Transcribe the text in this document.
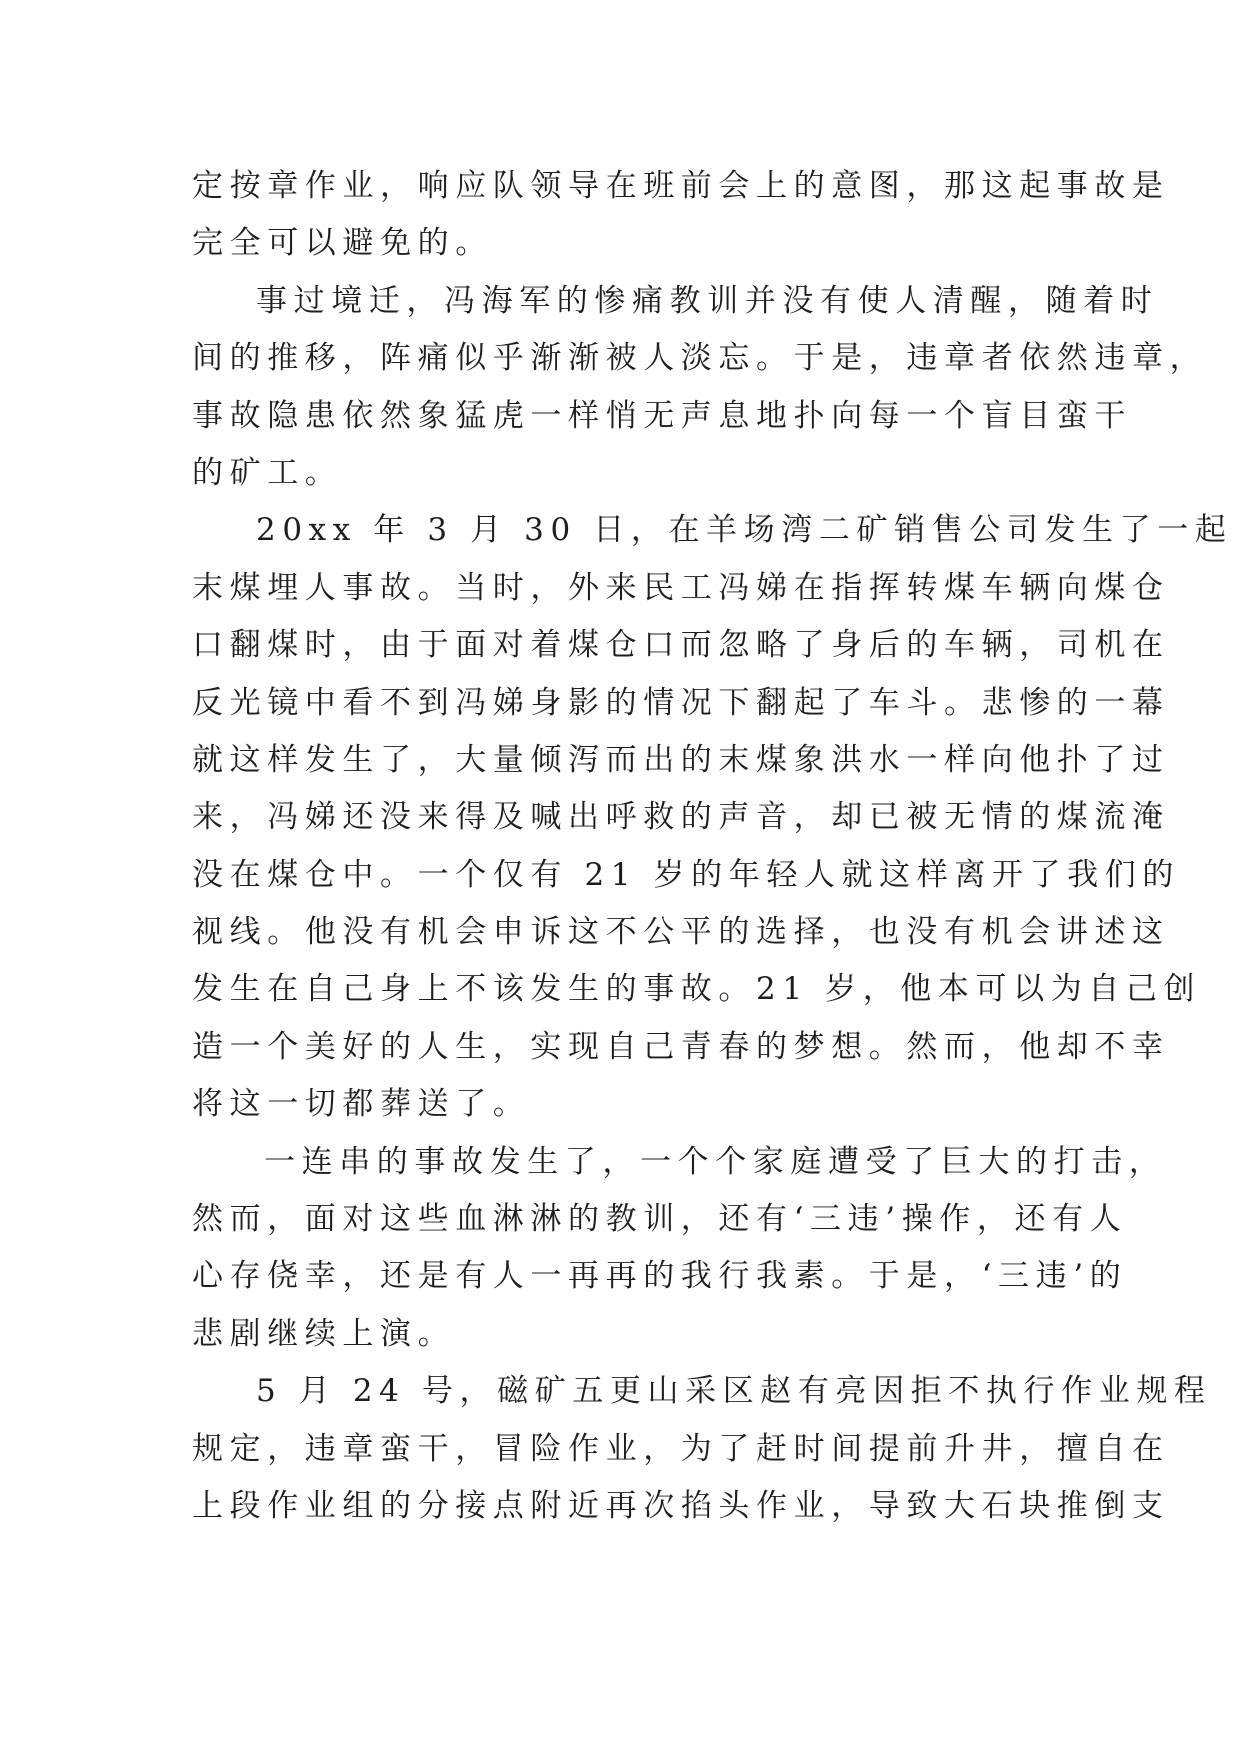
定按章作业，响应队领导在班前会上的意图，那这起事故是
完全可以避免的。

事过境迁，冯海军的惨痛教训并没有使人清醒，随着时
间的推移，阵痛似乎渐渐被人淡忘。于是，违章者依然违章，
事故隐患依然象猛虎一样悄无声息地扑向每一个盲目蛮干
的矿工。

20xx 年 3 月 30 日，在羊场湾二矿销售公司发生了一起
末煤埋人事故。当时，外来民工冯娣在指挥转煤车辆向煤仓
口翻煤时，由于面对着煤仓口而忽略了身后的车辆，司机在
反光镜中看不到冯娣身影的情况下翻起了车斗。悲惨的一幕
就这样发生了，大量倾泻而出的末煤象洪水一样向他扑了过
来，冯娣还没来得及喊出呼救的声音，却已被无情的煤流淹
没在煤仓中。一个仅有 21 岁的年轻人就这样离开了我们的
视线。他没有机会申诉这不公平的选择，也没有机会讲述这
发生在自己身上不该发生的事故。21 岁，他本可以为自己创
造一个美好的人生，实现自己青春的梦想。然而，他却不幸
将这一切都葬送了。

一连串的事故发生了，一个个家庭遭受了巨大的打击，
然而，面对这些血淋淋的教训，还有‘三违’操作，还有人
心存侥幸，还是有人一再再的我行我素。于是，‘三违’的
悲剧继续上演。

5 月 24 号，磁矿五更山采区赵有亮因拒不执行作业规程
规定，违章蛮干，冒险作业，为了赶时间提前升井，擅自在
上段作业组的分接点附近再次掐头作业，导致大石块推倒支
